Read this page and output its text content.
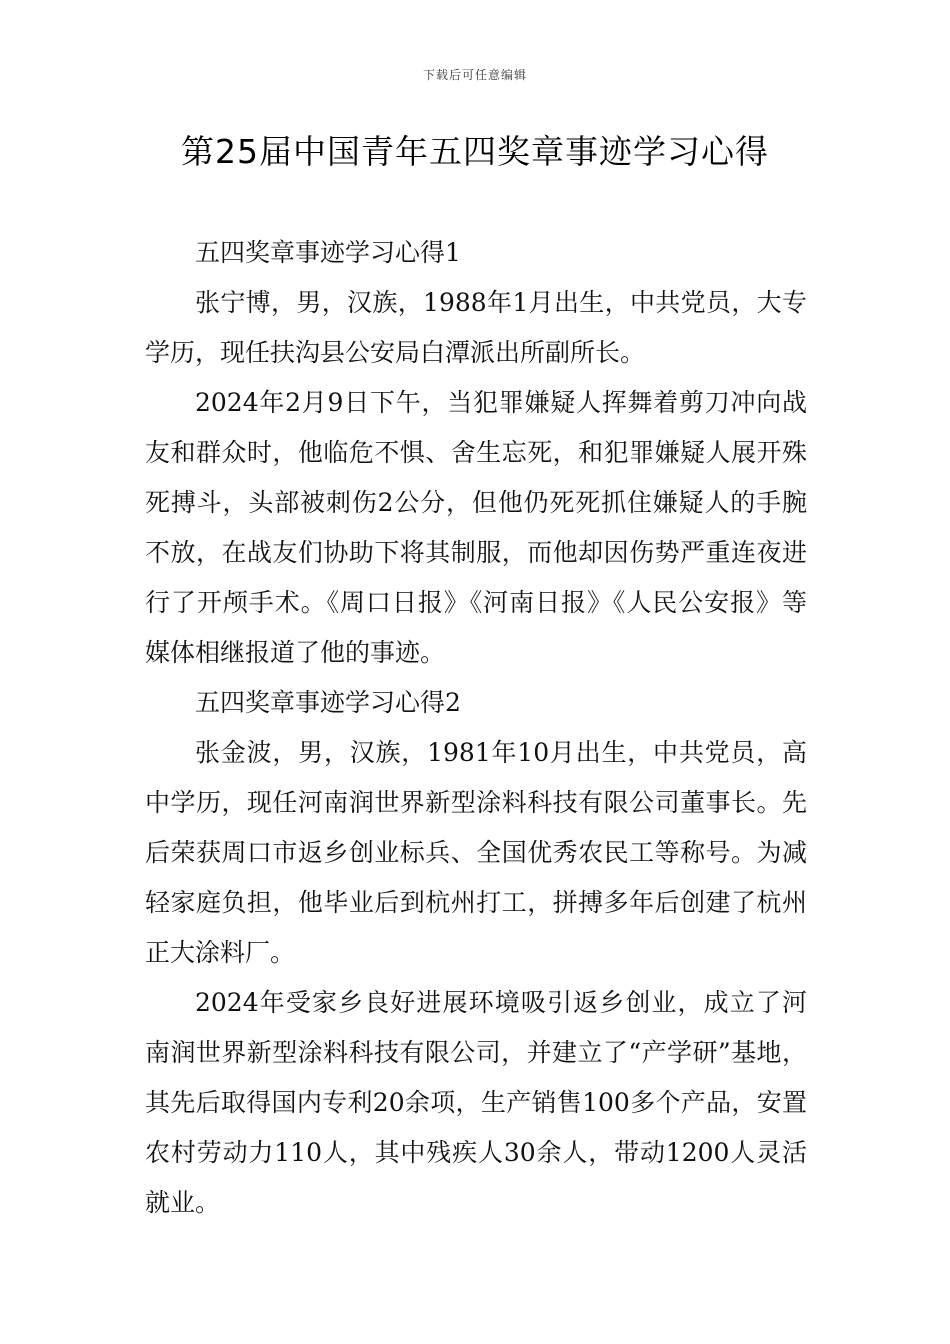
下载后可任意编辑
第25届中国青年五四奖章事迹学习心得

五四奖章事迹学习心得1

张宁博，男，汉族，1988年1月出生，中共党员，大专学历，现任扶沟县公安局白潭派出所副所长。

2024年2月9日下午，当犯罪嫌疑人挥舞着剪刀冲向战友和群众时，他临危不惧、舍生忘死，和犯罪嫌疑人展开殊死搏斗，头部被刺伤2公分，但他仍死死抓住嫌疑人的手腕不放，在战友们协助下将其制服，而他却因伤势严重连夜进行了开颅手术。《周口日报》《河南日报》《人民公安报》等媒体相继报道了他的事迹。

五四奖章事迹学习心得2

张金波，男，汉族，1981年10月出生，中共党员，高中学历，现任河南润世界新型涂料科技有限公司董事长。先后荣获周口市返乡创业标兵、全国优秀农民工等称号。为减轻家庭负担，他毕业后到杭州打工，拼搏多年后创建了杭州正大涂料厂。

2024年受家乡良好进展环境吸引返乡创业，成立了河南润世界新型涂料科技有限公司，并建立了“产学研”基地，其先后取得国内专利20余项，生产销售100多个产品，安置农村劳动力110人，其中残疾人30余人，带动1200人灵活就业。
